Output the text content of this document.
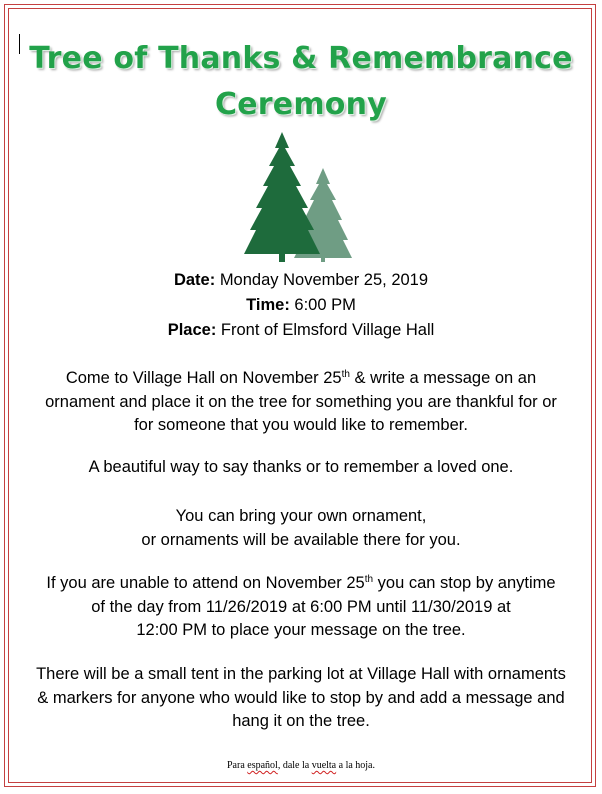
Tree of Thanks & Remembrance
Ceremony
Date: Monday November 25, 2019
Time: 6:00 PM
Place: Front of Elmsford Village Hall
Come to Village Hall on November 25th & write a message on an
ornament and place it on the tree for something you are thankful for or
for someone that you would like to remember.
A beautiful way to say thanks or to remember a loved one.
You can bring your own ornament,
or ornaments will be available there for you.
If you are unable to attend on November 25th you can stop by anytime
of the day from 11/26/2019 at 6:00 PM until 11/30/2019 at
12:00 PM to place your message on the tree.
There will be a small tent in the parking lot at Village Hall with ornaments
& markers for anyone who would like to stop by and add a message and
hang it on the tree.
Para español, dale la vuelta a la hoja.
